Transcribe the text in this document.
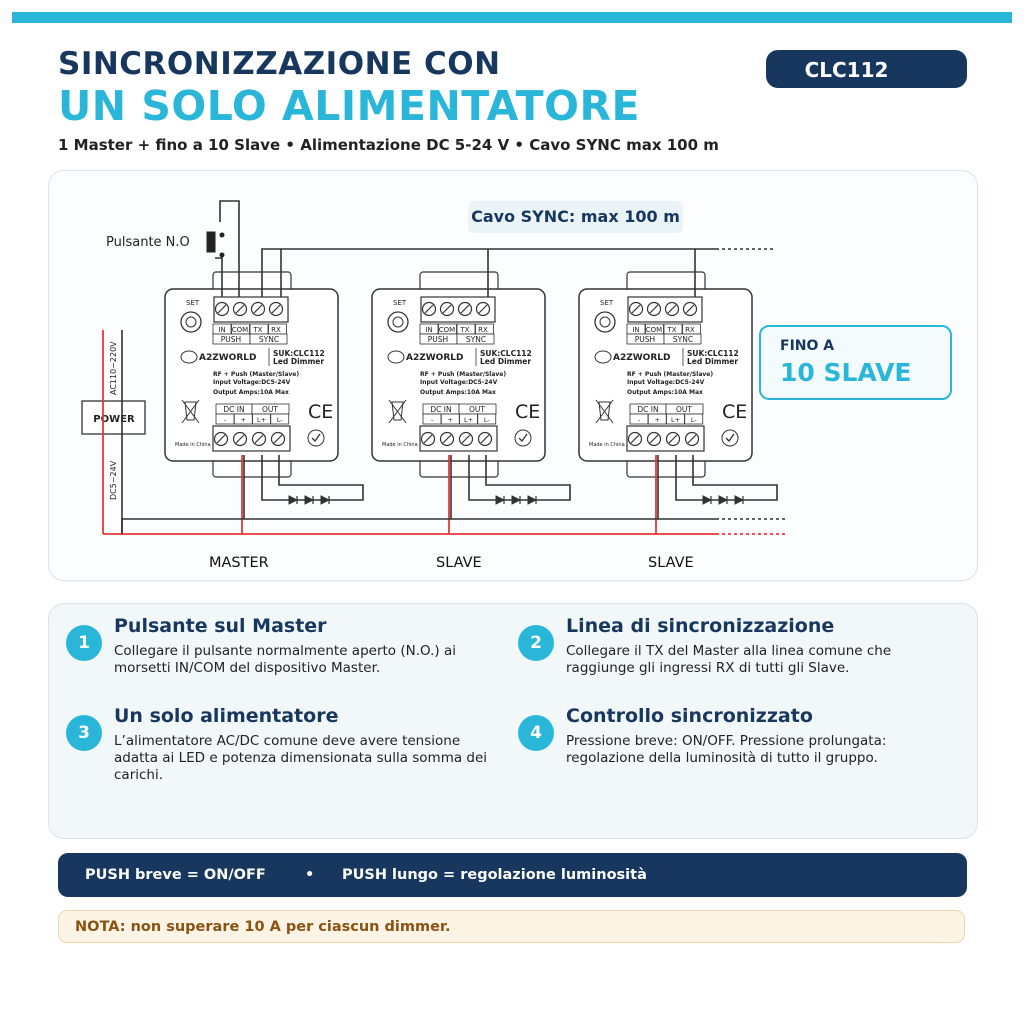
SINCRONIZZAZIONE CON
UN SOLO ALIMENTATORE
1 Master + fino a 10 Slave • Alimentazione DC 5-24 V • Cavo SYNC max 100 m
CLC112
SET
IN COM TX RX
PUSH SYNC
A2ZWORLD SUK:CLC112
Led Dimmer
RF + Push (Master/Slave)
Input Voltage:DC5-24V
Output Amps:10A Max
DC IN OUT
- + L+ L- CE
Made in China
SET
IN COM TX RX
PUSH SYNC
A2ZWORLD SUK:CLC112
Led Dimmer
RF + Push (Master/Slave)
Input Voltage:DC5-24V
Output Amps:10A Max
DC IN OUT
- + L+ L- CE
Made in China
SET
IN COM TX RX
PUSH SYNC
A2ZWORLD SUK:CLC112
Led Dimmer
RF + Push (Master/Slave)
Input Voltage:DC5-24V
Output Amps:10A Max
DC IN OUT
- + L+ L- CE
Made in China
POWER
AC110~220V
DC5~24V
Pulsante N.O
Cavo SYNC: max 100 m
FINO A
10 SLAVE
MASTER	SLAVE	SLAVE
1
Pulsante sul Master
Collegare il pulsante normalmente aperto (N.O.) ai morsetti IN/COM del dispositivo Master.
2
Linea di sincronizzazione
Collegare il TX del Master alla linea comune che raggiunge gli ingressi RX di tutti gli Slave.
3
Un solo alimentatore
L’alimentatore AC/DC comune deve avere tensione adatta ai LED e potenza dimensionata sulla somma dei carichi.
4
Controllo sincronizzato
Pressione breve: ON/OFF. Pressione prolungata: regolazione della luminosità di tutto il gruppo.
PUSH breve = ON/OFF	• PUSH lungo = regolazione luminosità
NOTA: non superare 10 A per ciascun dimmer.
